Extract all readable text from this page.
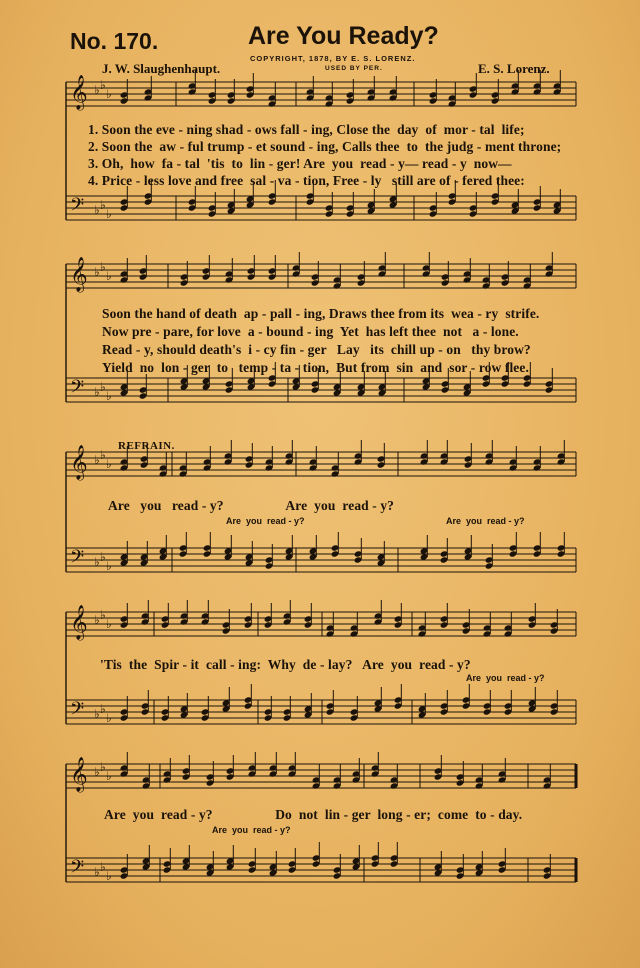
No. 170.	Are You Ready?
COPYRIGHT, 1878, BY E. S. LORENZ.
USED BY PER.
J. W. Slaughenhaupt.	E. S. Lorenz.
𝄞
𝄢
♭
♭
♭
♭
♭
♭
𝄞
𝄢
♭
♭
♭
♭
♭
♭
𝄞
𝄢
♭
♭
♭
♭
♭
♭
𝄞
𝄢
♭
♭
♭
♭
♭
♭
𝄞
𝄢
♭
♭
♭
♭
♭
♭
1. Soon the eve - ning shad - ows fall - ing, Close the  day  of  mor - tal  life;
2. Soon the  aw - ful trump - et sound - ing, Calls thee  to  the judg - ment throne;
3. Oh,  how  fa - tal  'tis  to  lin - ger! Are  you  read - y— read - y  now—
4. Price - less love and free  sal - va - tion, Free - ly   still are of - fered thee:
Soon the hand of death  ap - pall - ing, Draws thee from its  wea - ry  strife.
Now pre - pare, for love  a - bound - ing  Yet  has left thee  not   a - lone.
Read - y, should death's  i - cy fin - ger   Lay   its  chill up - on   thy brow?
Yield  no  lon - ger  to   temp - ta - tion,  But from  sin  and  sor - row flee.
REFRAIN.
Are   you   read - y?                  Are  you  read - y?
Are  you  read - y?	Are  you  read - y?
'Tis  the  Spir - it  call - ing:  Why  de - lay?   Are  you  read - y?
Are  you  read - y?
Are  you  read - y?                  Do  not  lin - ger  long - er;  come  to - day.
Are  you  read - y?
